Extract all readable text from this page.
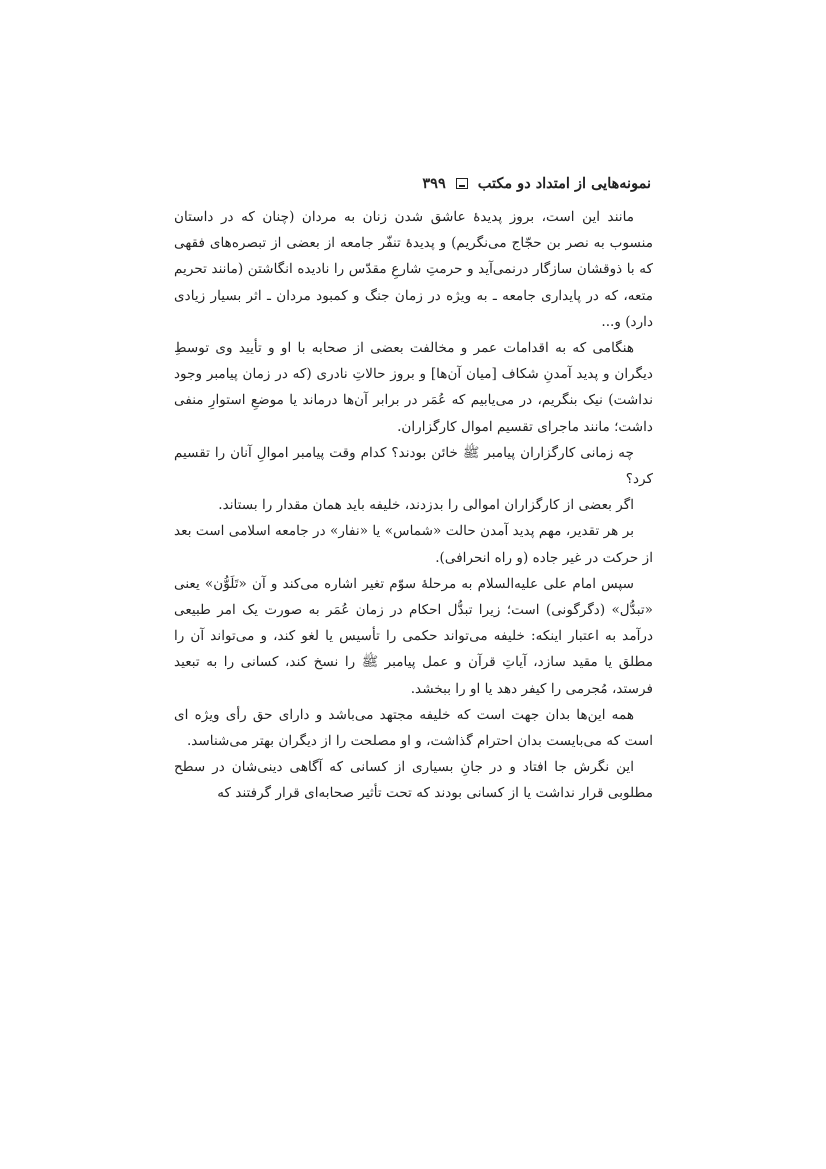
نمونه‌هایی از امتداد دو مکتب
۳۹۹

مانند این است، بروز پدیدهٔ عاشق شدن زنان به مردان (چنان که در داستان منسوب به نصر بن حجّاج می‌نگریم) و پدیدهٔ تنفّر جامعه از بعضی از تبصره‌های فقهی که با ذوقشان سازگار درنمی‌آید و حرمتِ شارعِ مقدّس را نادیده انگاشتن (مانند تحریم متعه، که در پایداری جامعه ـ به ویژه در زمان جنگ و کمبود مردان ـ اثر بسیار زیادی دارد) و...

هنگامی که به اقدامات عمر و مخالفت بعضی از صحابه با او و تأیید وی توسطِ دیگران و پدید آمدنِ شکاف [میان آن‌ها] و بروز حالاتِ نادری (که در زمان پیامبر وجود نداشت) نیک بنگریم، در می‌یابیم که عُمَر در برابر آن‌ها درماند یا موضعِ استوارِ منفی داشت؛ مانند ماجرای تقسیم اموال کارگزاران.

چه زمانی کارگزاران پیامبر ﷺ خائن بودند؟ کدام وقت پیامبر اموالِ آنان را تقسیم کرد؟

اگر بعضی از کارگزاران اموالی را بدزدند، خلیفه باید همان مقدار را بستاند.

بر هر تقدیر، مهم پدید آمدن حالت «شماس» یا «نفار» در جامعه اسلامی است بعد از حرکت در غیر جاده (و راه انحرافی).

سپس امام علی عليه‌السلام به مرحلهٔ سوّم تغیر اشاره می‌کند و آن «تَلَوُّن» یعنی «تبدُّل» (دگرگونی) است؛ زیرا تبدُّل احکام در زمان عُمَر به صورت یک امر طبیعی درآمد به اعتبار اینکه: خلیفه می‌تواند حکمی را تأسیس یا لغو کند، و می‌تواند آن را مطلق یا مقید سازد، آیاتِ قرآن و عمل پیامبر ﷺ را نسخ کند، کسانی را به تبعید فرستد، مُجرمی را کیفر دهد یا او را ببخشد.

همه این‌ها بدان جهت است که خلیفه مجتهد می‌باشد و دارای حق رأی ویژه ای است که می‌بایست بدان احترام گذاشت، و او مصلحت را از دیگران بهتر می‌شناسد.

این نگرش جا افتاد و در جانِ بسیاری از کسانی که آگاهی دینی‌شان در سطح مطلوبی قرار نداشت یا از کسانی بودند که تحت تأثیر صحابه‌ای قرار گرفتند که
